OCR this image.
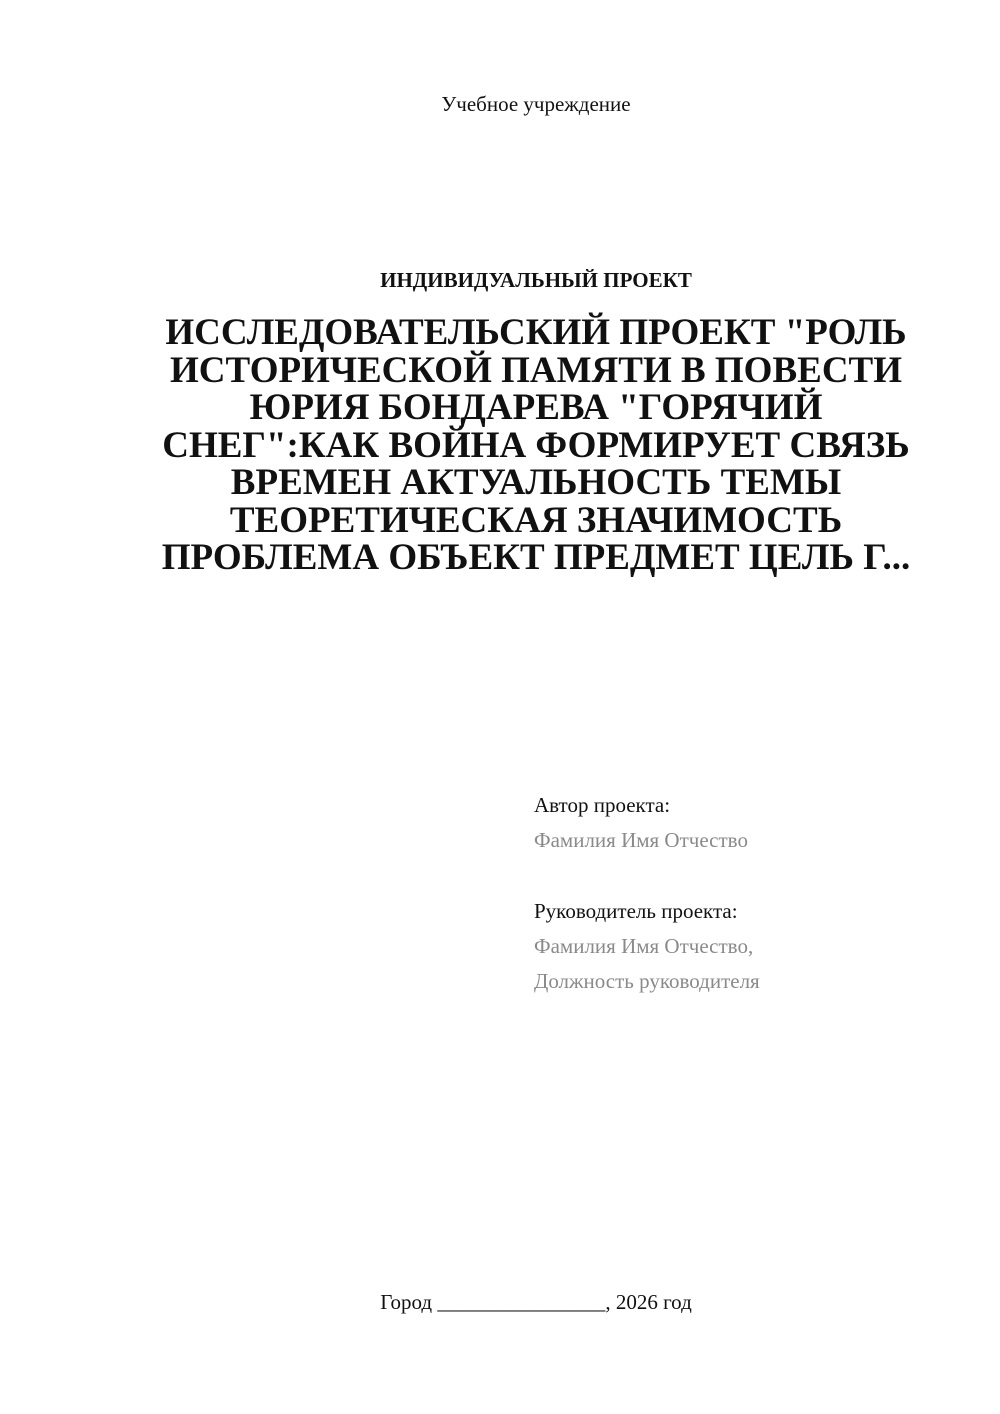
Учебное учреждение
ИНДИВИДУАЛЬНЫЙ ПРОЕКТ
ИССЛЕДОВАТЕЛЬСКИЙ ПРОЕКТ "РОЛЬ ИСТОРИЧЕСКОЙ ПАМЯТИ В ПОВЕСТИ ЮРИЯ БОНДАРЕВА "ГОРЯЧИЙ СНЕГ":КАК ВОЙНА ФОРМИРУЕТ СВЯЗЬ ВРЕМЕН АКТУАЛЬНОСТЬ ТЕМЫ ТЕОРЕТИЧЕСКАЯ ЗНАЧИМОСТЬ ПРОБЛЕМА ОБЪЕКТ ПРЕДМЕТ ЦЕЛЬ Г...
Автор проекта:
Фамилия Имя Отчество
Руководитель проекта:
Фамилия Имя Отчество,
Должность руководителя
Город ________________, 2026 год
